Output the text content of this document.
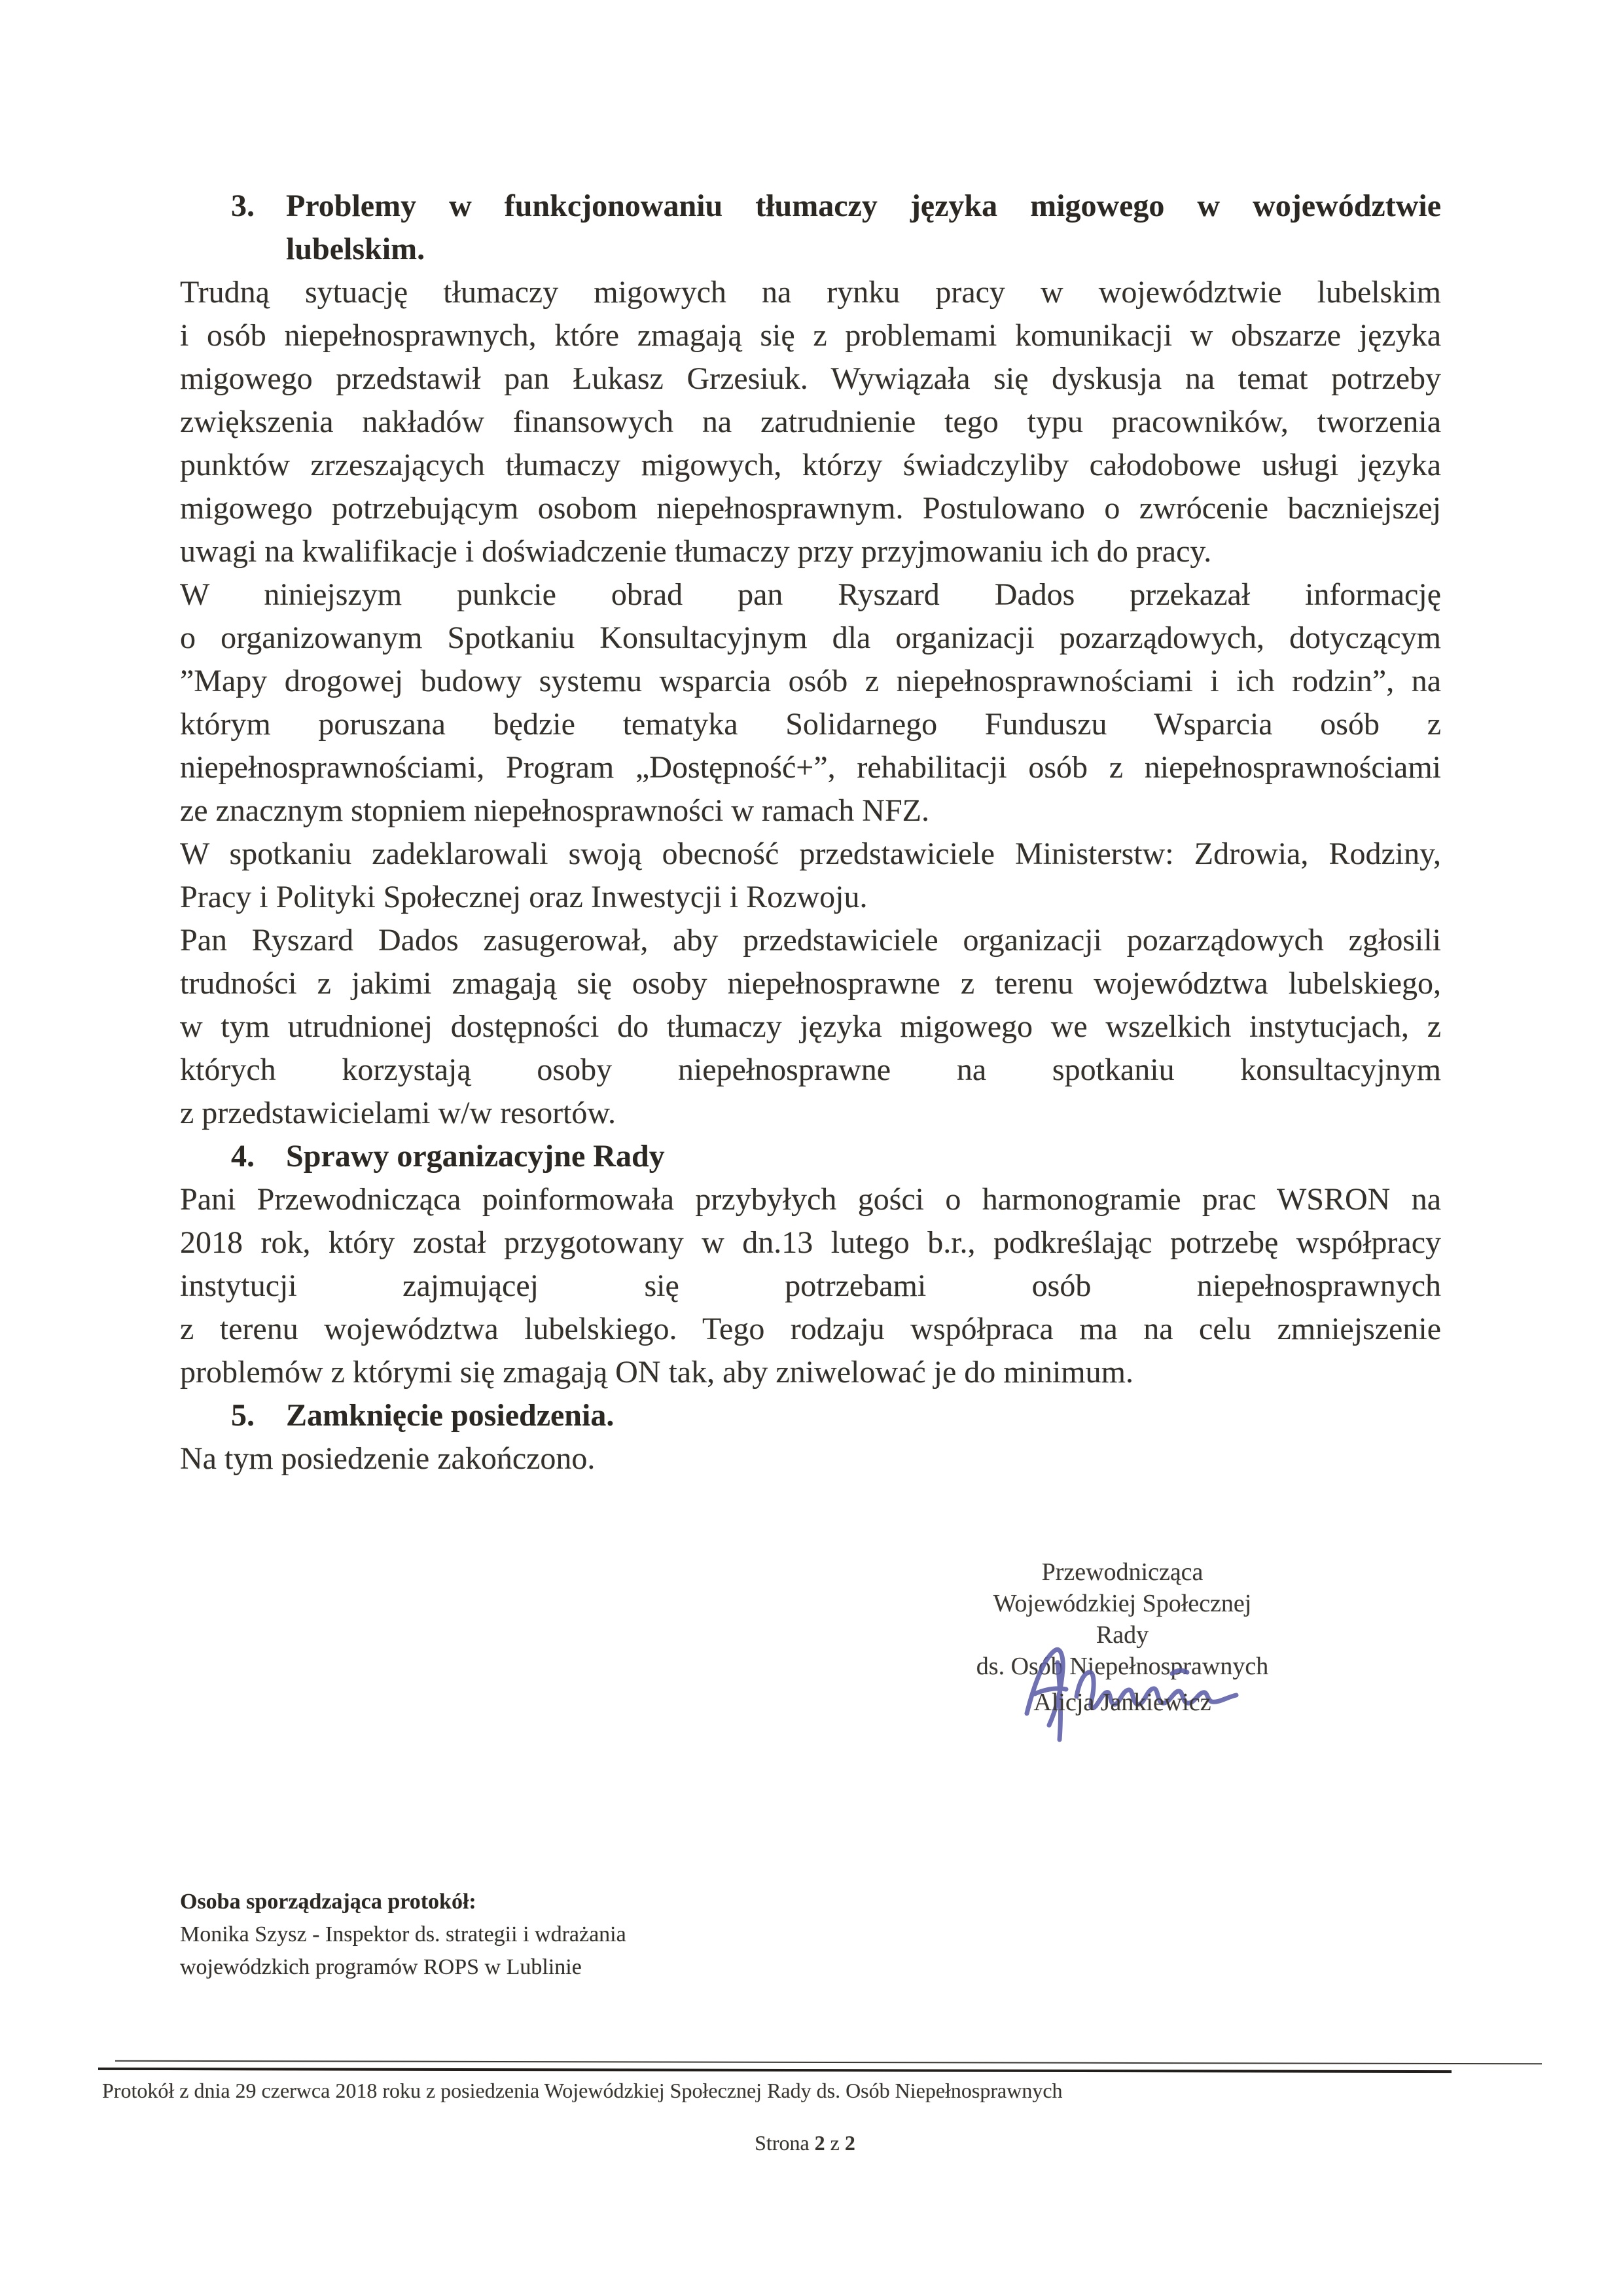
3. Problemy w funkcjonowaniu tłumaczy języka migowego w województwie
lubelskim.
Trudną sytuację tłumaczy migowych na rynku pracy w województwie lubelskim
i osób niepełnosprawnych, które zmagają się z problemami komunikacji w obszarze języka
migowego przedstawił pan Łukasz Grzesiuk. Wywiązała się dyskusja na temat potrzeby
zwiększenia nakładów finansowych na zatrudnienie tego typu pracowników, tworzenia
punktów zrzeszających tłumaczy migowych, którzy świadczyliby całodobowe usługi języka
migowego potrzebującym osobom niepełnosprawnym. Postulowano o zwrócenie baczniejszej
uwagi na kwalifikacje i doświadczenie tłumaczy przy przyjmowaniu ich do pracy.
W niniejszym punkcie obrad pan Ryszard Dados przekazał informację
o organizowanym Spotkaniu Konsultacyjnym dla organizacji pozarządowych, dotyczącym
”Mapy drogowej budowy systemu wsparcia osób z niepełnosprawnościami i ich rodzin”, na
którym poruszana będzie tematyka Solidarnego Funduszu Wsparcia osób z
niepełnosprawnościami, Program „Dostępność+”, rehabilitacji osób z niepełnosprawnościami
ze znacznym stopniem niepełnosprawności w ramach NFZ.
W spotkaniu zadeklarowali swoją obecność przedstawiciele Ministerstw: Zdrowia, Rodziny,
Pracy i Polityki Społecznej oraz Inwestycji i Rozwoju.
Pan Ryszard Dados zasugerował, aby przedstawiciele organizacji pozarządowych zgłosili
trudności z jakimi zmagają się osoby niepełnosprawne z terenu województwa lubelskiego,
w tym utrudnionej dostępności do tłumaczy języka migowego we wszelkich instytucjach, z
których korzystają osoby niepełnosprawne na spotkaniu konsultacyjnym
z przedstawicielami w/w resortów.
4. Sprawy organizacyjne Rady
Pani Przewodnicząca poinformowała przybyłych gości o harmonogramie prac WSRON na
2018 rok, który został przygotowany w dn.13 lutego b.r., podkreślając potrzebę współpracy
instytucji zajmującej się potrzebami osób niepełnosprawnych
z terenu województwa lubelskiego. Tego rodzaju współpraca ma na celu zmniejszenie
problemów z którymi się zmagają ON tak, aby zniwelować je do minimum.
5. Zamknięcie posiedzenia.
Na tym posiedzenie zakończono.
Przewodnicząca
Wojewódzkiej Społecznej Rady
ds. Osób Niepełnosprawnych
Alicja Jankiewicz
Osoba sporządzająca protokół:
Monika Szysz - Inspektor ds. strategii i wdrażania
wojewódzkich programów ROPS w Lublinie
Protokół z dnia 29 czerwca 2018 roku z posiedzenia Wojewódzkiej Społecznej Rady ds. Osób Niepełnosprawnych
Strona 2 z 2
